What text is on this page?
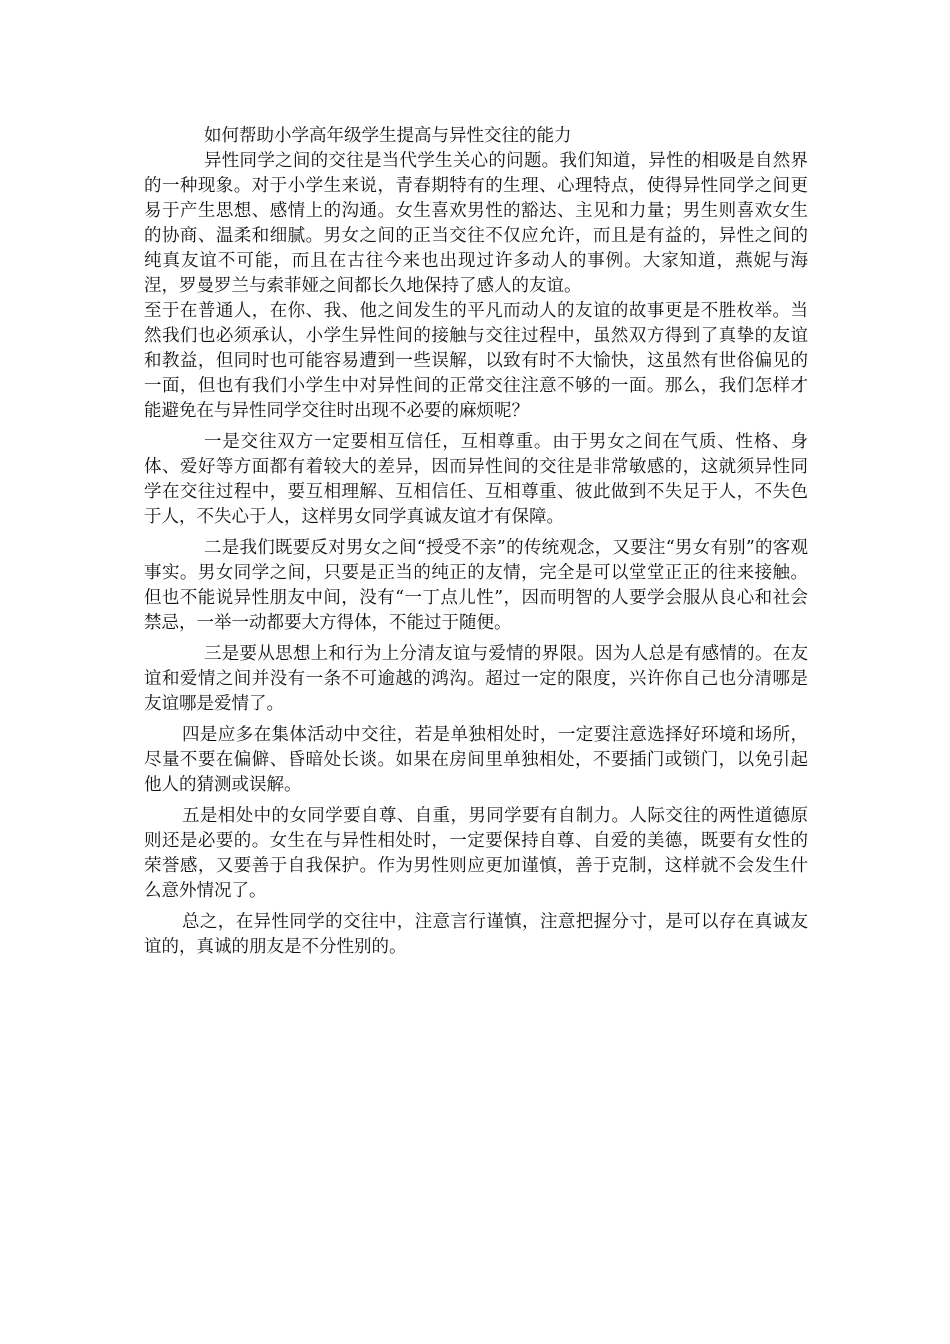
如何帮助小学高年级学生提高与异性交往的能力

异性同学之间的交往是当代学生关心的问题。我们知道，异性的相吸是自然界的一种现象。对于小学生来说，青春期特有的生理、心理特点，使得异性同学之间更易于产生思想、感情上的沟通。女生喜欢男性的豁达、主见和力量；男生则喜欢女生的协商、温柔和细腻。男女之间的正当交往不仅应允许，而且是有益的，异性之间的纯真友谊不可能，而且在古往今来也出现过许多动人的事例。大家知道，燕妮与海涅，罗曼罗兰与索菲娅之间都长久地保持了感人的友谊。

至于在普通人，在你、我、他之间发生的平凡而动人的友谊的故事更是不胜枚举。当然我们也必须承认，小学生异性间的接触与交往过程中，虽然双方得到了真挚的友谊和教益，但同时也可能容易遭到一些误解，以致有时不大愉快，这虽然有世俗偏见的一面，但也有我们小学生中对异性间的正常交往注意不够的一面。那么，我们怎样才能避免在与异性同学交往时出现不必要的麻烦呢？

一是交往双方一定要相互信任，互相尊重。由于男女之间在气质、性格、身体、爱好等方面都有着较大的差异，因而异性间的交往是非常敏感的，这就须异性同学在交往过程中，要互相理解、互相信任、互相尊重、彼此做到不失足于人，不失色于人，不失心于人，这样男女同学真诚友谊才有保障。

二是我们既要反对男女之间“授受不亲”的传统观念，又要注“男女有别”的客观事实。男女同学之间，只要是正当的纯正的友情，完全是可以堂堂正正的往来接触。但也不能说异性朋友中间，没有“一丁点儿性”，因而明智的人要学会服从良心和社会禁忌，一举一动都要大方得体，不能过于随便。

三是要从思想上和行为上分清友谊与爱情的界限。因为人总是有感情的。在友谊和爱情之间并没有一条不可逾越的鸿沟。超过一定的限度，兴许你自己也分清哪是友谊哪是爱情了。

四是应多在集体活动中交往，若是单独相处时，一定要注意选择好环境和场所，尽量不要在偏僻、昏暗处长谈。如果在房间里单独相处，不要插门或锁门，以免引起他人的猜测或误解。

五是相处中的女同学要自尊、自重，男同学要有自制力。人际交往的两性道德原则还是必要的。女生在与异性相处时，一定要保持自尊、自爱的美德，既要有女性的荣誉感，又要善于自我保护。作为男性则应更加谨慎，善于克制，这样就不会发生什么意外情况了。

总之，在异性同学的交往中，注意言行谨慎，注意把握分寸，是可以存在真诚友谊的，真诚的朋友是不分性别的。
